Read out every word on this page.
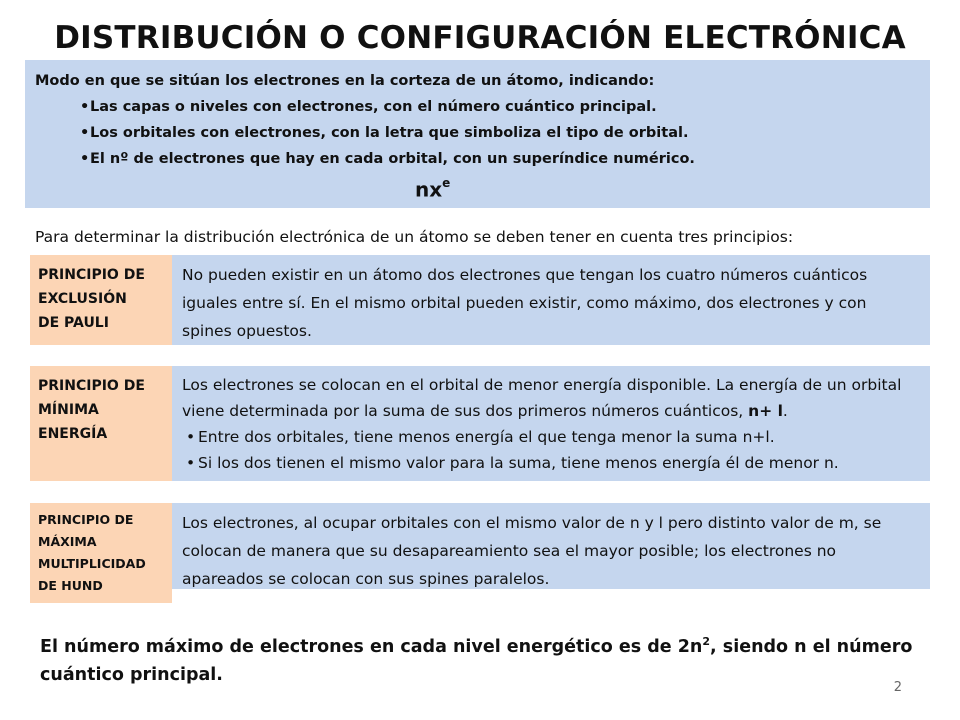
DISTRIBUCIÓN O CONFIGURACIÓN ELECTRÓNICA

Modo en que se sitúan los electrones en la corteza de un átomo, indicando:

• Las capas o niveles con electrones, con el número cuántico principal.
• Los orbitales con electrones, con la letra que simboliza el tipo de orbital.
• El nº de electrones que hay en cada orbital, con un superíndice numérico.
$nx^e$

Para determinar la distribución electrónica de un átomo se deben tener en cuenta tres principios:

PRINCIPIO DE
EXCLUSIÓN
DE PAULI
No pueden existir en un átomo dos electrones que tengan los cuatro números cuánticos iguales entre sí. En el mismo orbital pueden existir, como máximo, dos electrones y con spines opuestos.
PRINCIPIO DE
MÍNIMA
ENERGÍA
Los electrones se colocan en el orbital de menor energía disponible. La energía de un orbital viene determinada por la suma de sus dos primeros números cuánticos, n+ l.
• Entre dos orbitales, tiene menos energía el que tenga menor la suma n+l.
• Si los dos tienen el mismo valor para la suma, tiene menos energía él de menor n.
PRINCIPIO DE
MÁXIMA
MULTIPLICIDAD
DE HUND
Los electrones, al ocupar orbitales con el mismo valor de n y l pero distinto valor de m, se colocan de manera que su desapareamiento sea el mayor posible; los electrones no apareados se colocan con sus spines paralelos.

El número máximo de electrones en cada nivel energético es de $2n^2$, siendo n el número cuántico principal.

2
